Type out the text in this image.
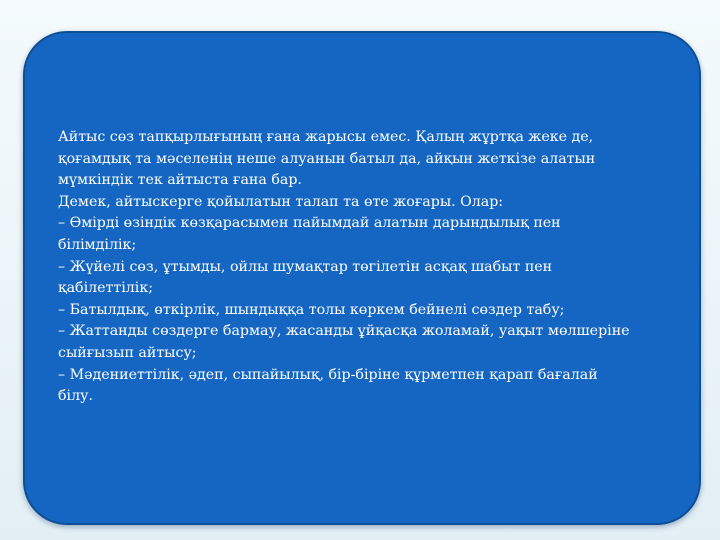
Айтыс сөз тапқырлығының ғана жарысы емес. Қалың жұртқа жеке де,
қоғамдық та мәселенің неше алуанын батыл да, айқын жеткізе алатын
мүмкіндік тек айтыста ғана бар.
Демек, айтыскерге қойылатын талап та өте жоғары. Олар:
– Өмірді өзіндік көзқарасымен пайымдай алатын дарындылық пен
білімділік;
– Жүйелі сөз, ұтымды, ойлы шумақтар төгілетін асқақ шабыт пен
қабілеттілік;
– Батылдық, өткірлік, шындыққа толы көркем бейнелі сөздер табу;
– Жаттанды сөздерге бармау, жасанды ұйқасқа жоламай, уақыт мөлшеріне
сыйғызып айтысу;
– Мәдениеттілік, әдеп, сыпайылық, бір-біріне құрметпен қарап бағалай
білу.
